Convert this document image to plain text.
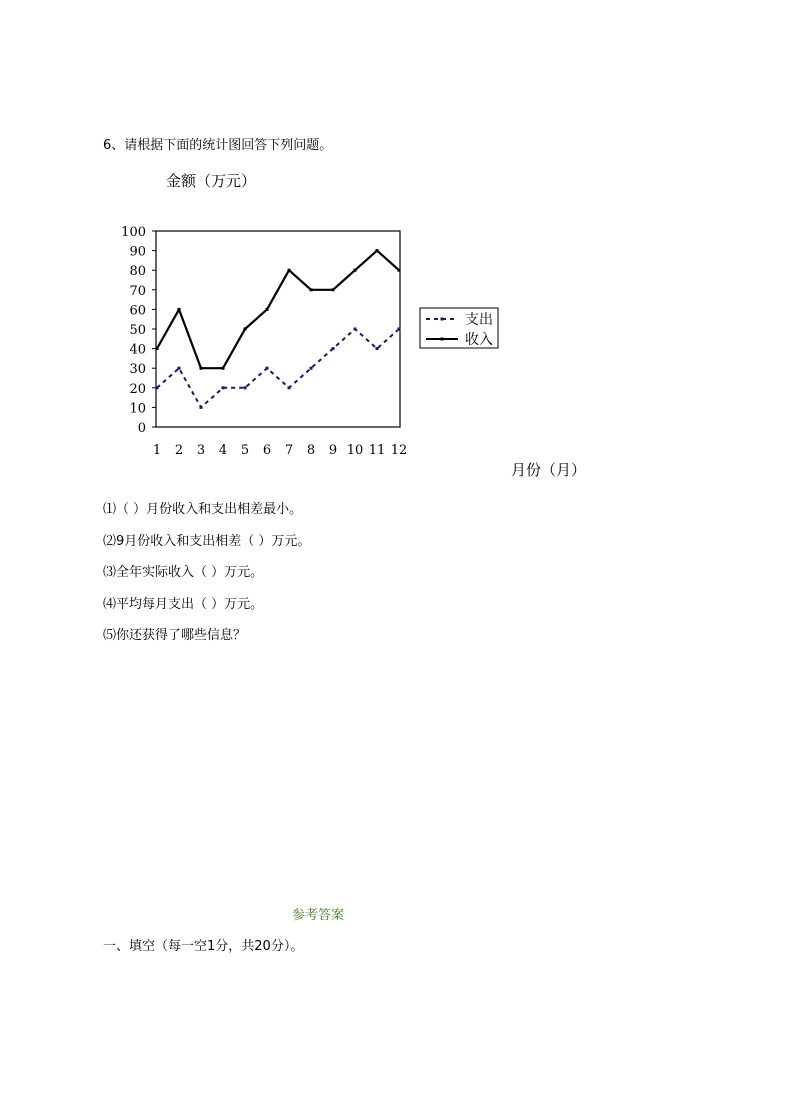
6、请根据下面的统计图回答下列问题。
金额（万元）
0
10
20
30
40
50
60
70
80
90
100
1 2 3 4 5 6 7 8 9 10 11 12
支出
收入
月份（月）
⑴（ ）月份收入和支出相差最小。
⑵9月份收入和支出相差（ ）万元。
⑶全年实际收入（ ）万元。
⑷平均每月支出（ ）万元。
⑸你还获得了哪些信息？
参考答案
一、填空（每一空1分，共20分）。
